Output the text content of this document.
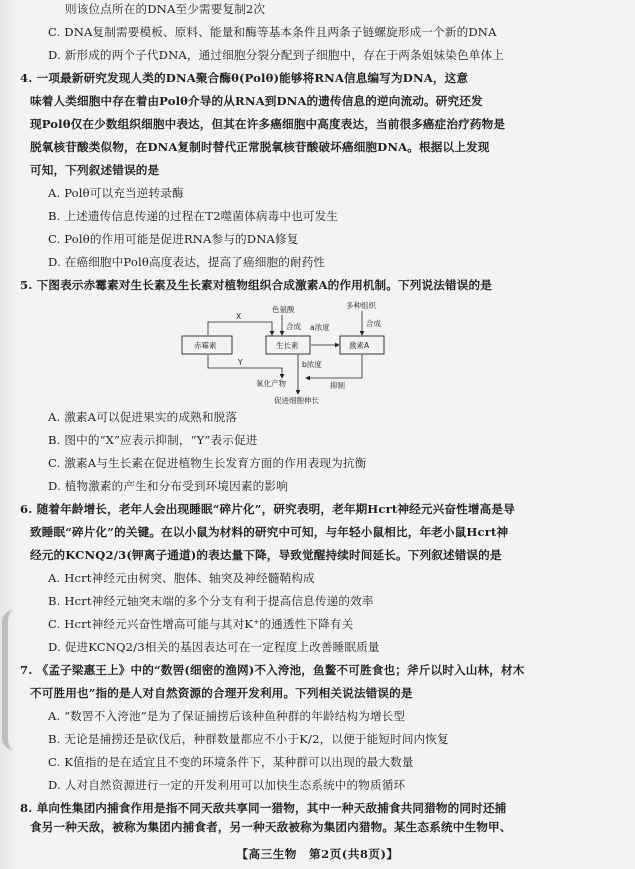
则该位点所在的DNA至少需要复制2次
C. DNA复制需要模板、原料、能量和酶等基本条件且两条子链螺旋形成一个新的DNA
D. 新形成的两个子代DNA，通过细胞分裂分配到子细胞中，存在于两条姐妹染色单体上
4. 一项最新研究发现人类的DNA聚合酶θ(Polθ)能够将RNA信息编写为DNA，这意
味着人类细胞中存在着由Polθ介导的从RNA到DNA的遗传信息的逆向流动。研究还发
现Polθ仅在少数组织细胞中表达，但其在许多癌细胞中高度表达，当前很多癌症治疗药物是
脱氧核苷酸类似物，在DNA复制时替代正常脱氧核苷酸破坏癌细胞DNA。根据以上发现
可知，下列叙述错误的是
A. Polθ可以充当逆转录酶
B. 上述遗传信息传递的过程在T2噬菌体病毒中也可发生
C. Polθ的作用可能是促进RNA参与的DNA修复
D. 在癌细胞中Polθ高度表达，提高了癌细胞的耐药性
5. 下图表示赤霉素对生长素及生长素对植物组织合成激素A的作用机制。下列说法错误的是
赤霉素	生长素	激素A
色氨酸
合成
多种组织
合成
X
Y
a浓度
b浓度
氧化产物	抑制
促进细胞伸长
A. 激素A可以促进果实的成熟和脱落
B. 图中的“X”应表示抑制，“Y”表示促进
C. 激素A与生长素在促进植物生长发育方面的作用表现为抗衡
D. 植物激素的产生和分布受到环境因素的影响
6. 随着年龄增长，老年人会出现睡眠“碎片化”，研究表明，老年期Hcrt神经元兴奋性增高是导
致睡眠“碎片化”的关键。在以小鼠为材料的研究中可知，与年轻小鼠相比，年老小鼠Hcrt神
经元的KCNQ2/3(钾离子通道)的表达量下降，导致觉醒持续时间延长。下列叙述错误的是
A. Hcrt神经元由树突、胞体、轴突及神经髓鞘构成
B. Hcrt神经元轴突末端的多个分支有利于提高信息传递的效率
C. Hcrt神经元兴奋性增高可能与其对K⁺的通透性下降有关
D. 促进KCNQ2/3相关的基因表达可在一定程度上改善睡眠质量
7. 《孟子梁惠王上》中的“数罟(细密的渔网)不入洿池，鱼鳖不可胜食也；斧斤以时入山林，材木
不可胜用也”指的是人对自然资源的合理开发利用。下列相关说法错误的是
A. “数罟不入洿池”是为了保证捕捞后该种鱼种群的年龄结构为增长型
B. 无论是捕捞还是砍伐后，种群数量都应不小于K/2，以便于能短时间内恢复
C. K值指的是在适宜且不变的环境条件下，某种群可以出现的最大数量
D. 人对自然资源进行一定的开发利用可以加快生态系统中的物质循环
8. 单向性集团内捕食作用是指不同天敌共享同一猎物，其中一种天敌捕食共同猎物的同时还捕
【高三生物　第2页(共8页)】
食另一种天敌，被称为集团内捕食者，另一种天敌被称为集团内猎物。某生态系统中生物甲、
